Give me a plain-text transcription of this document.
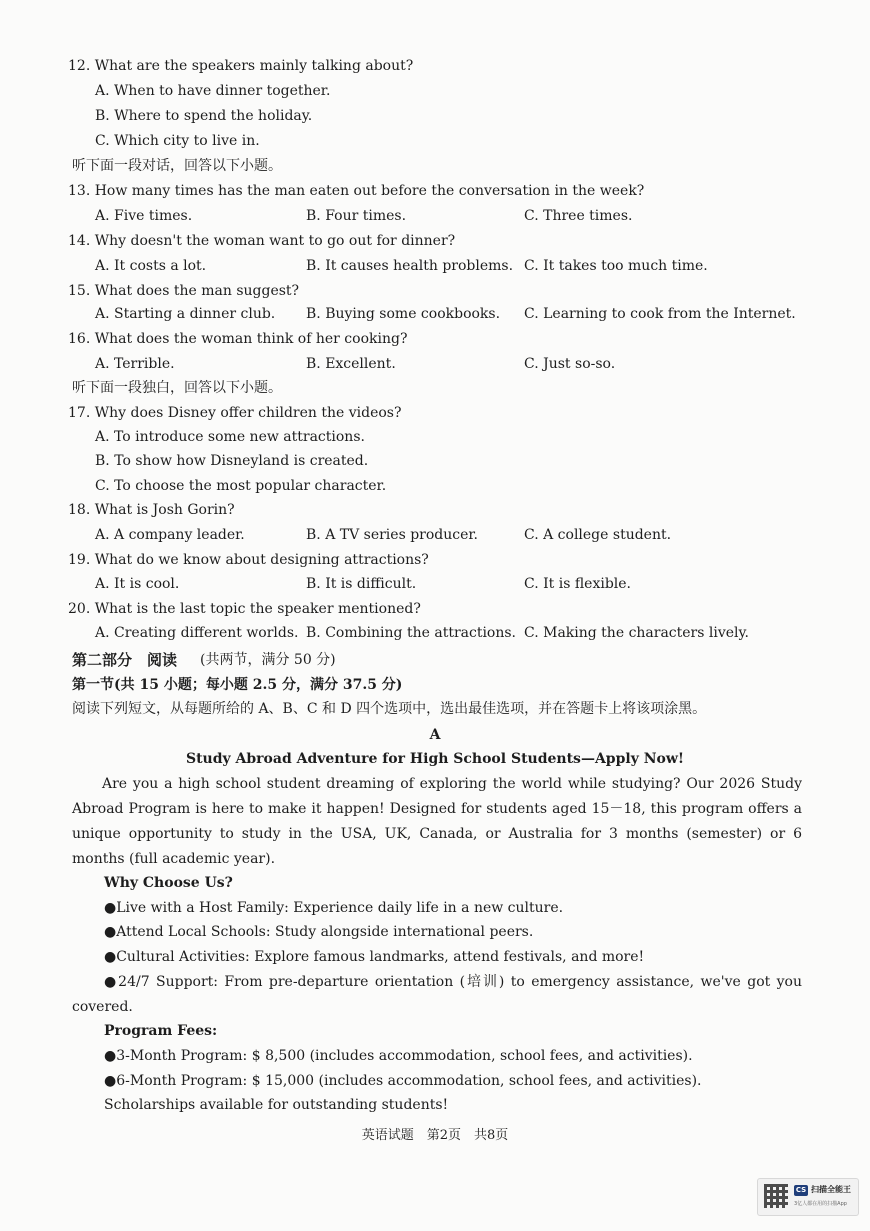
12. What are the speakers mainly talking about?
A. When to have dinner together.
B. Where to spend the holiday.
C. Which city to live in.
听下面一段对话，回答以下小题。
13. How many times has the man eaten out before the conversation in the week?
A. Five times.	B. Four times.	C. Three times.
14. Why doesn't the woman want to go out for dinner?
A. It costs a lot.	B. It causes health problems. C. It takes too much time.
15. What does the man suggest?
A. Starting a dinner club. B. Buying some cookbooks. C. Learning to cook from the Internet.
16. What does the woman think of her cooking?
A. Terrible.	B. Excellent.	C. Just so-so.
听下面一段独白，回答以下小题。
17. Why does Disney offer children the videos?
A. To introduce some new attractions.
B. To show how Disneyland is created.
C. To choose the most popular character.
18. What is Josh Gorin?
A. A company leader.	B. A TV series producer.	C. A college student.
19. What do we know about designing attractions?
A. It is cool.	B. It is difficult.	C. It is flexible.
20. What is the last topic the speaker mentioned?
A. Creating different worlds. B. Combining the attractions. C. Making the characters lively.
第二部分　阅读 (共两节，满分 50 分)
第一节(共 15 小题；每小题 2.5 分，满分 37.5 分)
阅读下列短文，从每题所给的 A、B、C 和 D 四个选项中，选出最佳选项，并在答题卡上将该项涂黑。
A
Study Abroad Adventure for High School Students—Apply Now!
Are you a high school student dreaming of exploring the world while studying? Our 2026 Study Abroad Program is here to make it happen! Designed for students aged 15－18, this program offers a unique opportunity to study in the USA, UK, Canada, or Australia for 3 months (semester) or 6 months (full academic year).
Why Choose Us?
●Live with a Host Family: Experience daily life in a new culture.
●Attend Local Schools: Study alongside international peers.
●Cultural Activities: Explore famous landmarks, attend festivals, and more!
●24/7 Support: From pre-departure orientation (培训) to emergency assistance, we've got you covered.
Program Fees:
●3-Month Program: $ 8,500 (includes accommodation, school fees, and activities).
●6-Month Program: $ 15,000 (includes accommodation, school fees, and activities).
Scholarships available for outstanding students!
英语试题　第2页　共8页
CS 扫描全能王
3亿人都在用的扫描App
